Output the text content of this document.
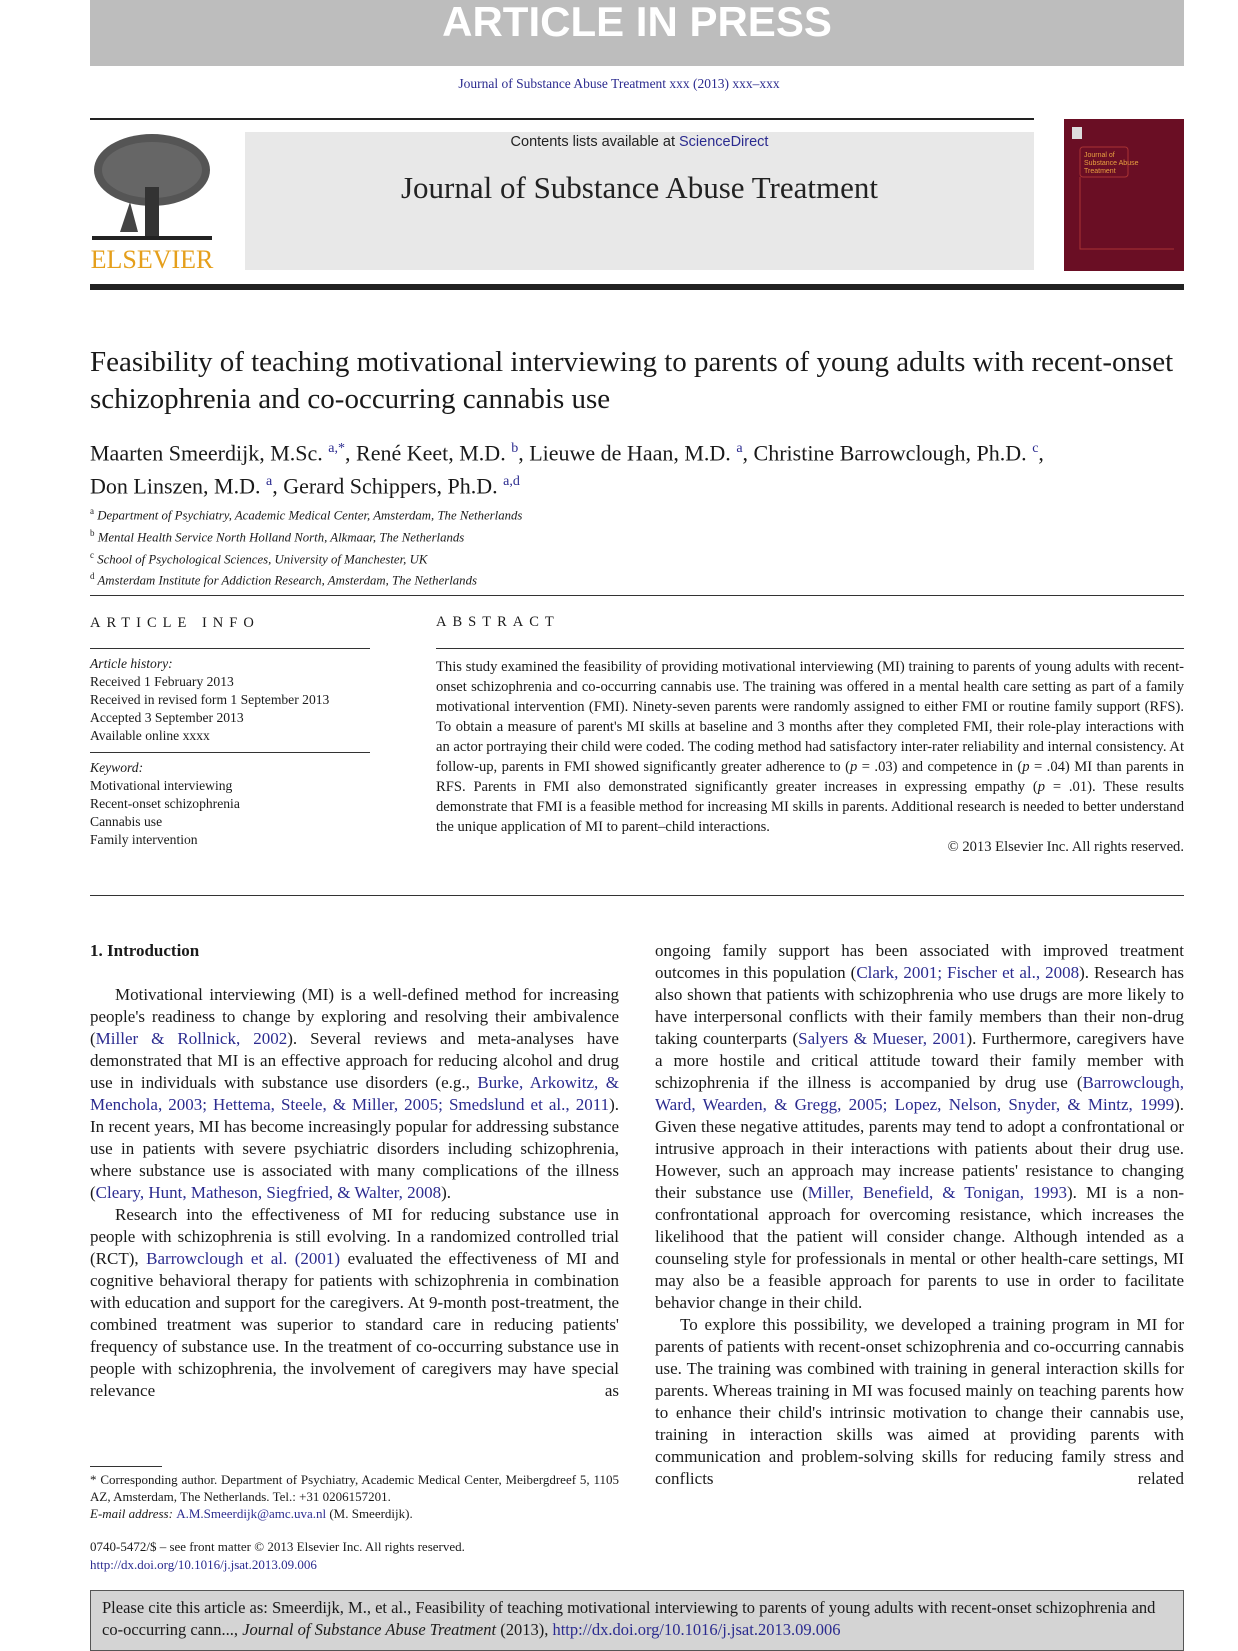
ARTICLE IN PRESS
Journal of Substance Abuse Treatment xxx (2013) xxx–xxx
ELSEVIER
Contents lists available at ScienceDirect
Journal of Substance Abuse Treatment
Journal of
Substance Abuse
Treatment
Feasibility of teaching motivational interviewing to parents of young adults with recent-onset schizophrenia and co-occurring cannabis use
Maarten Smeerdijk, M.Sc. $^{a,*}$, René Keet, M.D. $^b$, Lieuwe de Haan, M.D. $^a$, Christine Barrowclough, Ph.D. $^c$,
Don Linszen, M.D. $^a$, Gerard Schippers, Ph.D. $^{a,d}$
$^a$ Department of Psychiatry, Academic Medical Center, Amsterdam, The Netherlands
$^b$ Mental Health Service North Holland North, Alkmaar, The Netherlands
$^c$ School of Psychological Sciences, University of Manchester, UK
$^d$ Amsterdam Institute for Addiction Research, Amsterdam, The Netherlands
ARTICLE INFO
Article history:
Received 1 February 2013
Received in revised form 1 September 2013
Accepted 3 September 2013
Available online xxxx
Keyword:
Motivational interviewing
Recent-onset schizophrenia
Cannabis use
Family intervention
ABSTRACT
This study examined the feasibility of providing motivational interviewing (MI) training to parents of young adults with recent-onset schizophrenia and co-occurring cannabis use. The training was offered in a mental health care setting as part of a family motivational intervention (FMI). Ninety-seven parents were randomly assigned to either FMI or routine family support (RFS). To obtain a measure of parent's MI skills at baseline and 3 months after they completed FMI, their role-play interactions with an actor portraying their child were coded. The coding method had satisfactory inter-rater reliability and internal consistency. At follow-up, parents in FMI showed significantly greater adherence to (p = .03) and competence in (p = .04) MI than parents in RFS. Parents in FMI also demonstrated significantly greater increases in expressing empathy (p = .01). These results demonstrate that FMI is a feasible method for increasing MI skills in parents. Additional research is needed to better understand the unique application of MI to parent–child interactions.
© 2013 Elsevier Inc. All rights reserved.
1. Introduction

Motivational interviewing (MI) is a well-defined method for increasing people's readiness to change by exploring and resolving their ambivalence (Miller & Rollnick, 2002). Several reviews and meta-analyses have demonstrated that MI is an effective approach for reducing alcohol and drug use in individuals with substance use disorders (e.g., Burke, Arkowitz, & Menchola, 2003; Hettema, Steele, & Miller, 2005; Smedslund et al., 2011). In recent years, MI has become increasingly popular for addressing substance use in patients with severe psychiatric disorders including schizophrenia, where substance use is associated with many complications of the illness (Cleary, Hunt, Matheson, Siegfried, & Walter, 2008).

Research into the effectiveness of MI for reducing substance use in people with schizophrenia is still evolving. In a randomized controlled trial (RCT), Barrowclough et al. (2001) evaluated the effectiveness of MI and cognitive behavioral therapy for patients with schizophrenia in combination with education and support for the caregivers. At 9-month post-treatment, the combined treatment was superior to standard care in reducing patients' frequency of substance use. In the treatment of co-occurring substance use in people with schizophrenia, the involvement of caregivers may have special relevance as

ongoing family support has been associated with improved treatment outcomes in this population (Clark, 2001; Fischer et al., 2008). Research has also shown that patients with schizophrenia who use drugs are more likely to have interpersonal conflicts with their family members than their non-drug taking counterparts (Salyers & Mueser, 2001). Furthermore, caregivers have a more hostile and critical attitude toward their family member with schizophrenia if the illness is accompanied by drug use (Barrowclough, Ward, Wearden, & Gregg, 2005; Lopez, Nelson, Snyder, & Mintz, 1999). Given these negative attitudes, parents may tend to adopt a confrontational or intrusive approach in their interactions with patients about their drug use. However, such an approach may increase patients' resistance to changing their substance use (Miller, Benefield, & Tonigan, 1993). MI is a non-confrontational approach for overcoming resistance, which increases the likelihood that the patient will consider change. Although intended as a counseling style for professionals in mental or other health-care settings, MI may also be a feasible approach for parents to use in order to facilitate behavior change in their child.

To explore this possibility, we developed a training program in MI for parents of patients with recent-onset schizophrenia and co-occurring cannabis use. The training was combined with training in general interaction skills for parents. Whereas training in MI was focused mainly on teaching parents how to enhance their child's intrinsic motivation to change their cannabis use, training in interaction skills was aimed at providing parents with communication and problem-solving skills for reducing family stress and conflicts related

* Corresponding author. Department of Psychiatry, Academic Medical Center, Meibergdreef 5, 1105 AZ, Amsterdam, The Netherlands. Tel.: +31 0206157201.
E-mail address: A.M.Smeerdijk@amc.uva.nl (M. Smeerdijk).
0740-5472/$ – see front matter © 2013 Elsevier Inc. All rights reserved.
http://dx.doi.org/10.1016/j.jsat.2013.09.006
Please cite this article as: Smeerdijk, M., et al., Feasibility of teaching motivational interviewing to parents of young adults with recent-onset schizophrenia and co-occurring cann..., Journal of Substance Abuse Treatment (2013), http://dx.doi.org/10.1016/j.jsat.2013.09.006
